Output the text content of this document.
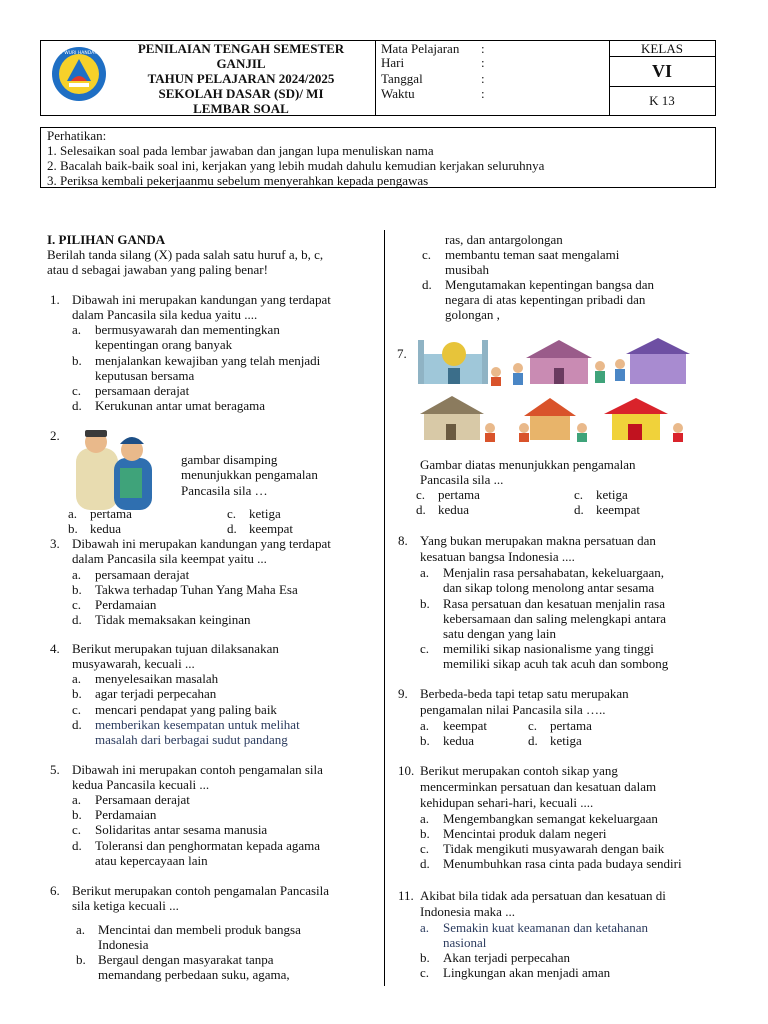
TUT WURI HANDAYANI	PENILAIAN TENGAH SEMESTER
GANJIL
TAHUN PELAJARAN 2024/2025
SEKOLAH DASAR (SD)/ MI
LEMBAR SOAL
Mata Pelajaran :
Hari	:
Tanggal	:
Waktu	:
KELAS
VI
K 13
Perhatikan:
1. Selesaikan soal pada lembar jawaban dan jangan lupa menuliskan nama
2. Bacalah baik-baik soal ini, kerjakan yang lebih mudah dahulu kemudian kerjakan seluruhnya
3. Periksa kembali pekerjaanmu sebelum menyerahkan kepada pengawas
I. PILIHAN GANDA
Berilah tanda silang (X) pada salah satu huruf a, b, c,
atau d sebagai jawaban yang paling benar!
1. Dibawah ini merupakan kandungan yang terdapat
dalam Pancasila sila kedua yaitu ....
a. bermusyawarah dan mementingkan
kepentingan orang banyak
b. menjalankan kewajiban yang telah menjadi
keputusan bersama
c. persamaan derajat
d. Kerukunan antar umat beragama
2.
gambar disamping
menunjukkan pengamalan
Pancasila sila …
a. pertama
b. kedua
c. ketiga
d. keempat
3. Dibawah ini merupakan kandungan yang terdapat
dalam Pancasila sila keempat yaitu ...
a. persamaan derajat
b. Takwa terhadap Tuhan Yang Maha Esa
c. Perdamaian
d. Tidak memaksakan keinginan
4. Berikut merupakan tujuan dilaksanakan
musyawarah, kecuali ...
a. menyelesaikan masalah
b. agar terjadi perpecahan
c. mencari pendapat yang paling baik
d. memberikan kesempatan untuk melihat
masalah dari berbagai sudut pandang
5. Dibawah ini merupakan contoh pengamalan sila
kedua Pancasila kecuali ...
a. Persamaan derajat
b. Perdamaian
c. Solidaritas antar sesama manusia
d. Toleransi dan penghormatan kepada agama
atau kepercayaan lain
6. Berikut merupakan contoh pengamalan Pancasila
sila ketiga kecuali ...
a. Mencintai dan membeli produk bangsa
Indonesia
b. Bergaul dengan masyarakat tanpa
memandang perbedaan suku, agama,
ras, dan antargolongan
c. membantu teman saat mengalami
musibah
d. Mengutamakan kepentingan bangsa dan
negara di atas kepentingan pribadi dan
golongan ,
7.
Gambar diatas menunjukkan pengamalan
Pancasila sila ...
c. pertama
d. kedua
c. ketiga
d. keempat
8. Yang bukan merupakan makna persatuan dan
kesatuan bangsa Indonesia ....
a. Menjalin rasa persahabatan, kekeluargaan,
dan sikap tolong menolong antar sesama
b. Rasa persatuan dan kesatuan menjalin rasa
kebersamaan dan saling melengkapi antara
satu dengan yang lain
c. memiliki sikap nasionalisme yang tinggi
memiliki sikap acuh tak acuh dan sombong
9. Berbeda-beda tapi tetap satu merupakan
pengamalan nilai Pancasila sila …..
a. keempat
b. kedua
c. pertama
d. ketiga
10. Berikut merupakan contoh sikap yang
mencerminkan persatuan dan kesatuan dalam
kehidupan sehari-hari, kecuali ....
a. Mengembangkan semangat kekeluargaan
b. Mencintai produk dalam negeri
c. Tidak mengikuti musyawarah dengan baik
d. Menumbuhkan rasa cinta pada budaya sendiri
11. Akibat bila tidak ada persatuan dan kesatuan di
Indonesia maka ...
a. Semakin kuat keamanan dan ketahanan
nasional
b. Akan terjadi perpecahan
c. Lingkungan akan menjadi aman
